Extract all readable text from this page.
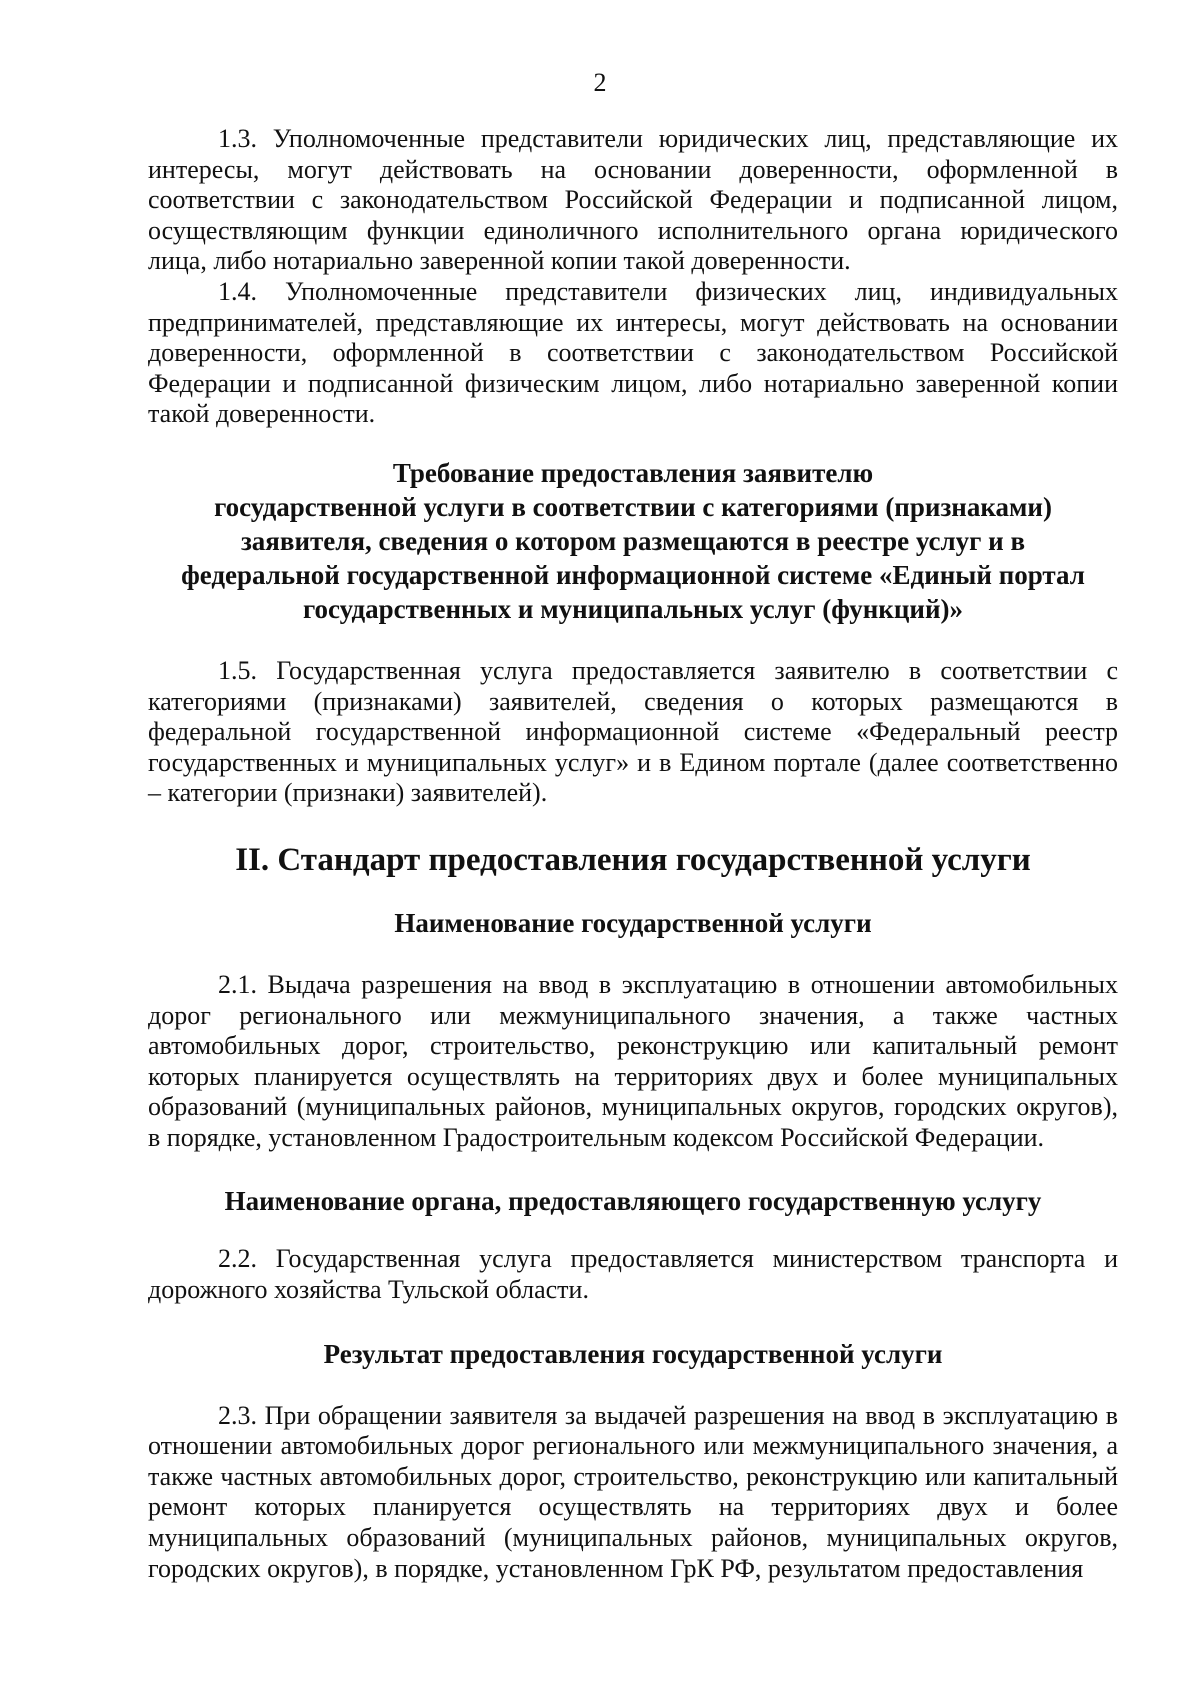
2

1.3. Уполномоченные представители юридических лиц, представляющие их интересы, могут действовать на основании доверенности, оформленной в соответствии с законодательством Российской Федерации и подписанной лицом, осуществляющим функции единоличного исполнительного органа юридического лица, либо нотариально заверенной копии такой доверенности.

1.4. Уполномоченные представители физических лиц, индивидуальных предпринимателей, представляющие их интересы, могут действовать на основании доверенности, оформленной в соответствии с законодательством Российской Федерации и подписанной физическим лицом, либо нотариально заверенной копии такой доверенности.

Требование предоставления заявителю
государственной услуги в соответствии с категориями (признаками)
заявителя, сведения о котором размещаются в реестре услуг и в
федеральной государственной информационной системе «Единый портал
государственных и муниципальных услуг (функций)»

1.5. Государственная услуга предоставляется заявителю в соответствии с категориями (признаками) заявителей, сведения о которых размещаются в федеральной государственной информационной системе «Федеральный реестр государственных и муниципальных услуг» и в Едином портале (далее соответственно – категории (признаки) заявителей).

II. Стандарт предоставления государственной услуги
Наименование государственной услуги

2.1. Выдача разрешения на ввод в эксплуатацию в отношении автомобильных дорог регионального или межмуниципального значения, а также частных автомобильных дорог, строительство, реконструкцию или капитальный ремонт которых планируется осуществлять на территориях двух и более муниципальных образований (муниципальных районов, муниципальных округов, городских округов), в порядке, установленном Градостроительным кодексом Российской Федерации.

Наименование органа, предоставляющего государственную услугу

2.2. Государственная услуга предоставляется министерством транспорта и дорожного хозяйства Тульской области.

Результат предоставления государственной услуги

2.3. При обращении заявителя за выдачей разрешения на ввод в эксплуатацию в отношении автомобильных дорог регионального или межмуниципального значения, а также частных автомобильных дорог, строительство, реконструкцию или капитальный ремонт которых планируется осуществлять на территориях двух и более муниципальных образований (муниципальных районов, муниципальных округов, городских округов), в порядке, установленном ГрК РФ, результатом предоставления
